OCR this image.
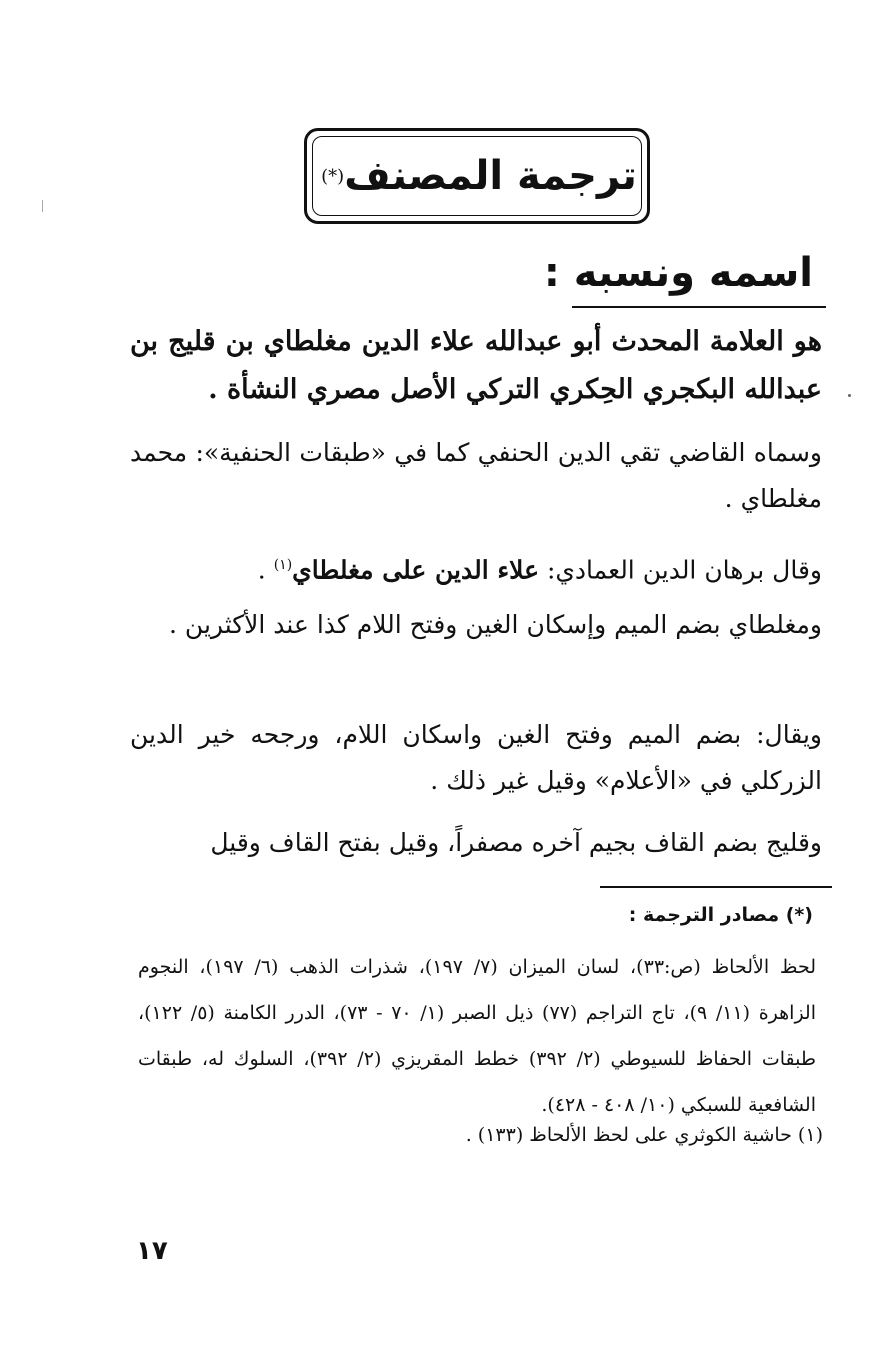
ترجمة المصنف
(*)
اسمه ونسبه :
هو العلامة المحدث أبو عبدالله علاء الدين مغلطاي بن قليج بن عبدالله البكجري الحِكري التركي الأصل مصري النشأة .
وسماه القاضي تقي الدين الحنفي كما في «طبقات الحنفية»: محمد مغلطاي .
وقال برهان الدين العمادي: علاء الدين على مغلطاي$^{(١)}$ .
ومغلطاي بضم الميم وإسكان الغين وفتح اللام كذا عند الأكثرين .
ويقال: بضم الميم وفتح الغين واسكان اللام، ورجحه خير الدين الزركلي في «الأعلام» وقيل غير ذلك .
وقليج بضم القاف بجيم آخره مصفراً، وقيل بفتح القاف وقيل
(*) مصادر الترجمة :
لحظ الألحاظ (ص:٣٣)، لسان الميزان (٧/ ١٩٧)، شذرات الذهب (٦/ ١٩٧)، النجوم الزاهرة (١١/ ٩)، تاج التراجم (٧٧) ذيل الصبر (١/ ٧٠ - ٧٣)، الدرر الكامنة (٥/ ١٢٢)، طبقات الحفاظ للسيوطي (٢/ ٣٩٢) خطط المقريزي (٢/ ٣٩٢)، السلوك له، طبقات الشافعية للسبكي (١٠/ ٤٠٨ - ٤٢٨).
(١) حاشية الكوثري على لحظ الألحاظ (١٣٣) .
١٧
